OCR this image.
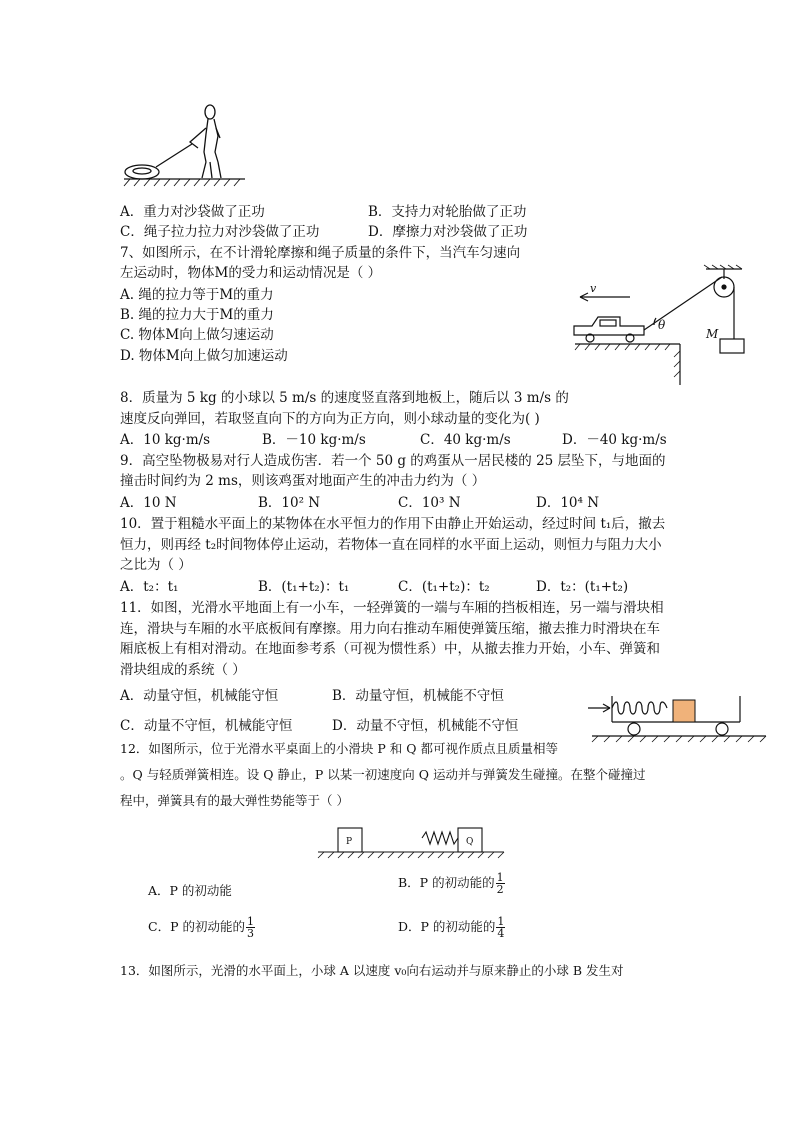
A．重力对沙袋做了正功	B．支持力对轮胎做了正功
C．绳子拉力拉力对沙袋做了正功	D．摩擦力对沙袋做了正功
7、如图所示，在不计滑轮摩擦和绳子质量的条件下，当汽车匀速向
左运动时，物体M的受力和运动情况是（ ）
A. 绳的拉力等于M的重力
B. 绳的拉力大于M的重力
C. 物体M向上做匀速运动
D. 物体M向上做匀加速运动
v
θ
M
8．质量为 5 kg 的小球以 5 m/s 的速度竖直落到地板上，随后以 3 m/s 的
速度反向弹回，若取竖直向下的方向为正方向，则小球动量的变化为( )
A．10 kg·m/s	B．－10 kg·m/s	C．40 kg·m/s	D．－40 kg·m/s
9．高空坠物极易对行人造成伤害．若一个 50 g 的鸡蛋从一居民楼的 25 层坠下，与地面的
撞击时间约为 2 ms，则该鸡蛋对地面产生的冲击力约为（ ）
A．10 N	B．10² N	C．10³ N	D．10⁴ N
10．置于粗糙水平面上的某物体在水平恒力的作用下由静止开始运动，经过时间 t₁后，撤去
恒力，则再经 t₂时间物体停止运动，若物体一直在同样的水平面上运动，则恒力与阻力大小
之比为（ ）
A．t₂：t₁	B．(t₁+t₂)：t₁	C．(t₁+t₂)：t₂	D．t₂：(t₁+t₂)
11．如图，光滑水平地面上有一小车，一轻弹簧的一端与车厢的挡板相连，另一端与滑块相
连，滑块与车厢的水平底板间有摩擦。用力向右推动车厢使弹簧压缩，撤去推力时滑块在车
厢底板上有相对滑动。在地面参考系（可视为惯性系）中，从撤去推力开始，小车、弹簧和
滑块组成的系统（ ）
A．动量守恒，机械能守恒	B．动量守恒，机械能不守恒
C．动量不守恒，机械能守恒	D．动量不守恒，机械能不守恒
12．如图所示，位于光滑水平桌面上的小滑块 P 和 Q 都可视作质点且质量相等
。Q 与轻质弹簧相连。设 Q 静止，P 以某一初速度向 Q 运动并与弹簧发生碰撞。在整个碰撞过
程中，弹簧具有的最大弹性势能等于（ ）
P	Q
A．P 的初动能
B．P 的初动能的 $\frac{1}{2}$
C．P 的初动能的 $\frac{1}{3}$	D．P 的初动能的 $\frac{1}{4}$
13．如图所示，光滑的水平面上，小球 A 以速度 v₀向右运动并与原来静止的小球 B 发生对
